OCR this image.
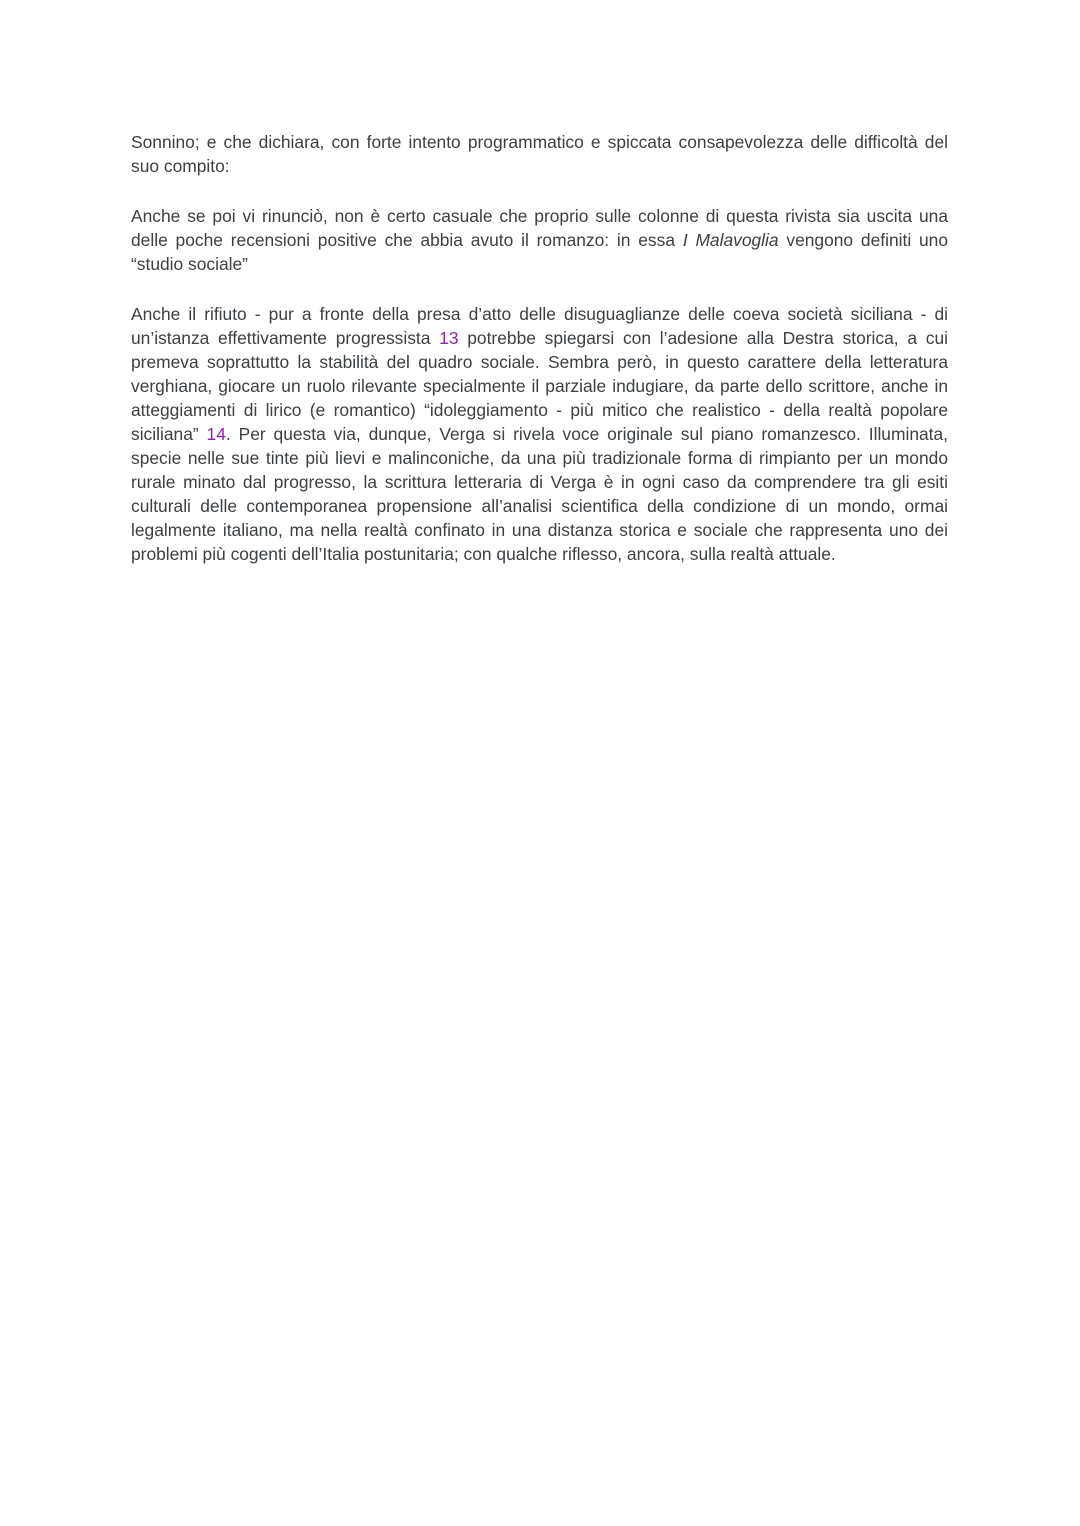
Sonnino; e che dichiara, con forte intento programmatico e spiccata consapevolezza delle difficoltà del suo compito:

Anche se poi vi rinunciò, non è certo casuale che proprio sulle colonne di questa rivista sia uscita una delle poche recensioni positive che abbia avuto il romanzo: in essa I Malavoglia vengono definiti uno “studio sociale”

Anche il rifiuto - pur a fronte della presa d’atto delle disuguaglianze delle coeva società siciliana - di un’istanza effettivamente progressista 13 potrebbe spiegarsi con l’adesione alla Destra storica, a cui premeva soprattutto la stabilità del quadro sociale. Sembra però, in questo carattere della letteratura verghiana, giocare un ruolo rilevante specialmente il parziale indugiare, da parte dello scrittore, anche in atteggiamenti di lirico (e romantico) “idoleggiamento - più mitico che realistico - della realtà popolare siciliana” 14. Per questa via, dunque, Verga si rivela voce originale sul piano romanzesco. Illuminata, specie nelle sue tinte più lievi e malinconiche, da una più tradizionale forma di rimpianto per un mondo rurale minato dal progresso, la scrittura letteraria di Verga è in ogni caso da comprendere tra gli esiti culturali delle contemporanea propensione all’analisi scientifica della condizione di un mondo, ormai legalmente italiano, ma nella realtà confinato in una distanza storica e sociale che rappresenta uno dei problemi più cogenti dell’Italia postunitaria; con qualche riflesso, ancora, sulla realtà attuale.
